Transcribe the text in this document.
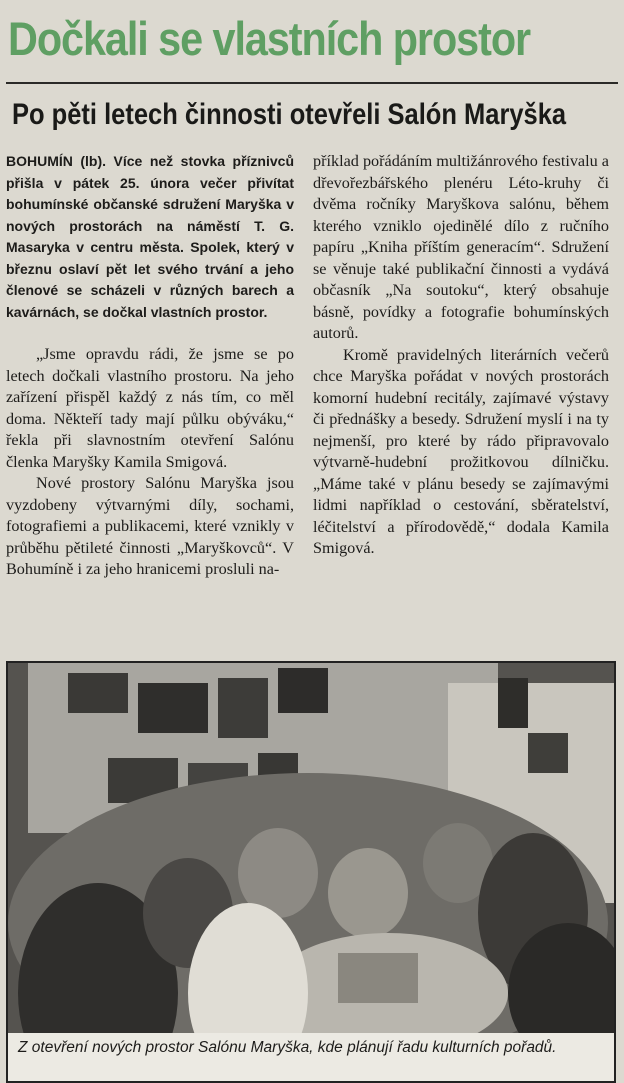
Dočkali se vlastních prostor
Po pěti letech činnosti otevřeli Salón Maryška

BOHUMÍN (lb). Více než stovka příznivců přišla v pátek 25. února večer přivítat bohumínské občanské sdružení Maryška v nových prostorách na náměstí T. G. Masaryka v centru města. Spolek, který v březnu oslaví pět let svého trvání a jeho členové se scházeli v různých barech a kavárnách, se dočkal vlastních prostor.

„Jsme opravdu rádi, že jsme se po letech dočkali vlastního prostoru. Na jeho zařízení přispěl každý z nás tím, co měl doma. Někteří tady mají půlku obýváku,“ řekla při slavnostním otevření Salónu členka Maryšky Kamila Smigová.

Nové prostory Salónu Maryška jsou vyzdobeny výtvarnými díly, sochami, fotografiemi a publikacemi, které vznikly v průběhu pětileté činnosti „Maryškovců“. V Bohumíně i za jeho hranicemi prosluli na-

příklad pořádáním multižánrového festivalu a dřevořezbářského plenéru Léto-kruhy či dvěma ročníky Maryškova salónu, během kterého vzniklo ojedinělé dílo z ručního papíru „Kniha příštím generacím“. Sdružení se věnuje také publikační činnosti a vydává občasník „Na soutoku“, který obsahuje básně, povídky a fotografie bohumínských autorů.

Kromě pravidelných literárních večerů chce Maryška pořádat v nových prostorách komorní hudební recitály, zajímavé výstavy či přednášky a besedy. Sdružení myslí i na ty nejmenší, pro které by rádo připravovalo výtvarně-hudební prožitkovou dílničku. „Máme také v plánu besedy se zajímavými lidmi například o cestování, sběratelství, léčitelství a přírodovědě,“ dodala Kamila Smigová.

Z otevření nových prostor Salónu Maryška, kde plánují řadu kulturních pořadů.
